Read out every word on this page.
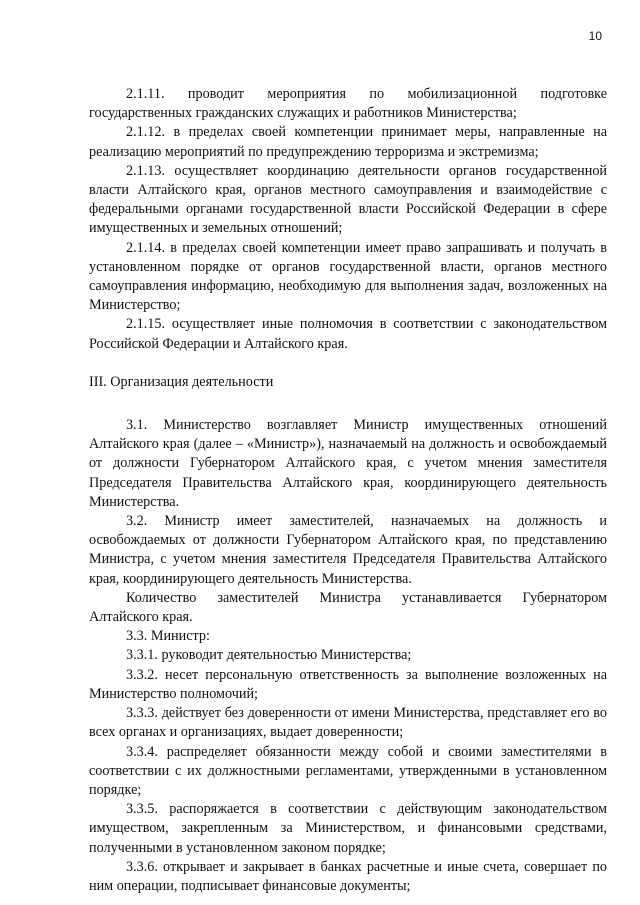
10

2.1.11. проводит мероприятия по мобилизационной подготовке государственных гражданских служащих и работников Министерства;

2.1.12. в пределах своей компетенции принимает меры, направленные на реализацию мероприятий по предупреждению терроризма и экстремизма;

2.1.13. осуществляет координацию деятельности органов государственной власти Алтайского края, органов местного самоуправления и взаимодействие с федеральными органами государственной власти Российской Федерации в сфере имущественных и земельных отношений;

2.1.14. в пределах своей компетенции имеет право запрашивать и получать в установленном порядке от органов государственной власти, органов местного самоуправления информацию, необходимую для выполнения задач, возложенных на Министерство;

2.1.15. осуществляет иные полномочия в соответствии с законодательством Российской Федерации и Алтайского края.

III. Организация деятельности

3.1. Министерство возглавляет Министр имущественных отношений Алтайского края (далее – «Министр»), назначаемый на должность и освобождаемый от должности Губернатором Алтайского края, с учетом мнения заместителя Председателя Правительства Алтайского края, координирующего деятельность Министерства.

3.2. Министр имеет заместителей, назначаемых на должность и освобождаемых от должности Губернатором Алтайского края, по представлению Министра, с учетом мнения заместителя Председателя Правительства Алтайского края, координирующего деятельность Министерства.

Количество заместителей Министра устанавливается Губернатором Алтайского края.

3.3. Министр:

3.3.1. руководит деятельностью Министерства;

3.3.2. несет персональную ответственность за выполнение возложенных на Министерство полномочий;

3.3.3. действует без доверенности от имени Министерства, представляет его во всех органах и организациях, выдает доверенности;

3.3.4. распределяет обязанности между собой и своими заместителями в соответствии с их должностными регламентами, утвержденными в установленном порядке;

3.3.5. распоряжается в соответствии с действующим законодательством имуществом, закрепленным за Министерством, и финансовыми средствами, полученными в установленном законом порядке;

3.3.6. открывает и закрывает в банках расчетные и иные счета, совершает по ним операции, подписывает финансовые документы;
